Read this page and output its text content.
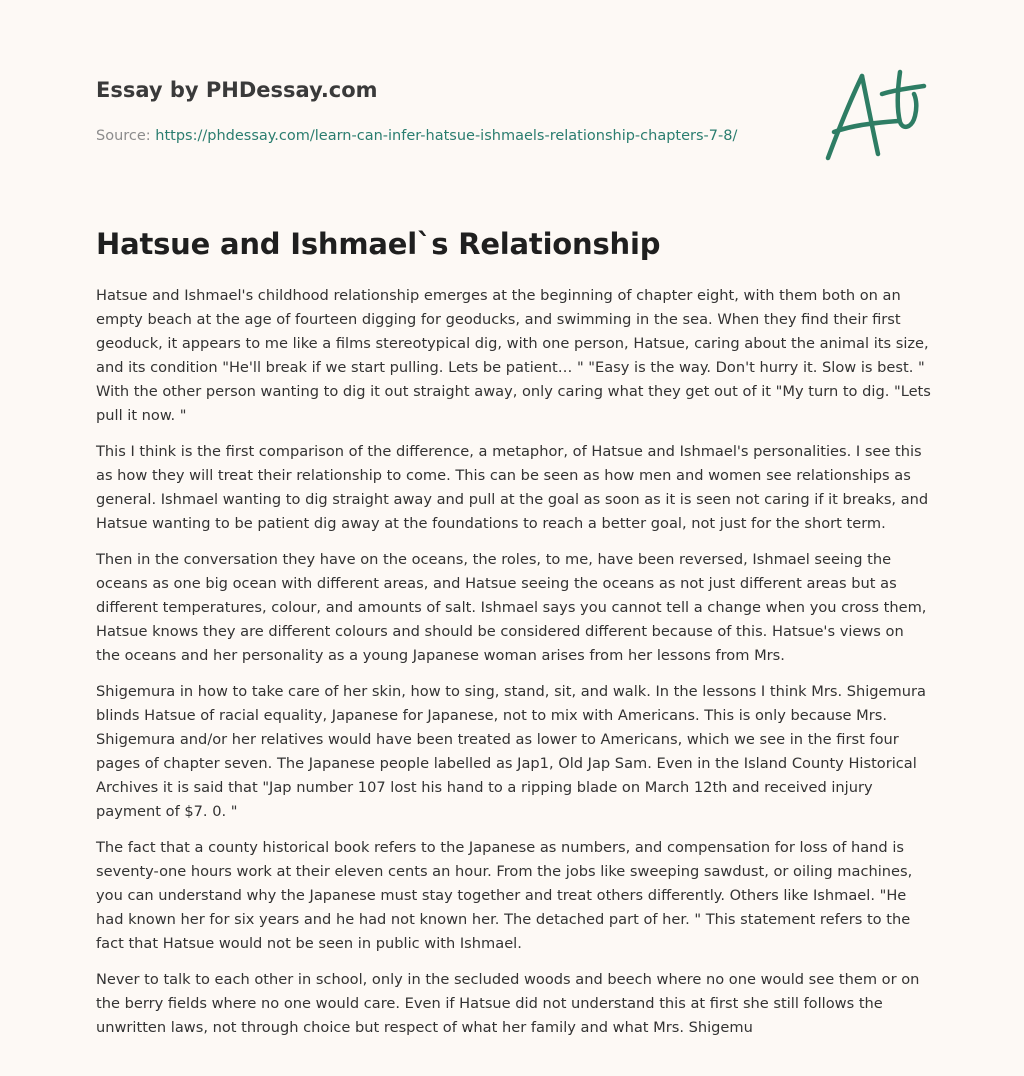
Essay by PHDessay.com
Source: https://phdessay.com/learn-can-infer-hatsue-ishmaels-relationship-chapters-7-8/
Hatsue and Ishmael`s Relationship

Hatsue and Ishmael's childhood relationship emerges at the beginning of chapter eight, with them both on an empty beach at the age of fourteen digging for geoducks, and swimming in the sea. When they find their first geoduck, it appears to me like a films stereotypical dig, with one person, Hatsue, caring about the animal its size, and its condition "He'll break if we start pulling. Lets be patient… " "Easy is the way. Don't hurry it. Slow is best. " With the other person wanting to dig it out straight away, only caring what they get out of it "My turn to dig. "Lets pull it now. "

This I think is the first comparison of the difference, a metaphor, of Hatsue and Ishmael's personalities. I see this as how they will treat their relationship to come. This can be seen as how men and women see relationships as general. Ishmael wanting to dig straight away and pull at the goal as soon as it is seen not caring if it breaks, and Hatsue wanting to be patient dig away at the foundations to reach a better goal, not just for the short term.

Then in the conversation they have on the oceans, the roles, to me, have been reversed, Ishmael seeing the oceans as one big ocean with different areas, and Hatsue seeing the oceans as not just different areas but as different temperatures, colour, and amounts of salt. Ishmael says you cannot tell a change when you cross them, Hatsue knows they are different colours and should be considered different because of this. Hatsue's views on the oceans and her personality as a young Japanese woman arises from her lessons from Mrs.

Shigemura in how to take care of her skin, how to sing, stand, sit, and walk. In the lessons I think Mrs. Shigemura blinds Hatsue of racial equality, Japanese for Japanese, not to mix with Americans. This is only because Mrs. Shigemura and/or her relatives would have been treated as lower to Americans, which we see in the first four pages of chapter seven. The Japanese people labelled as Jap1, Old Jap Sam. Even in the Island County Historical Archives it is said that "Jap number 107 lost his hand to a ripping blade on March 12th and received injury payment of $7. 0. "

The fact that a county historical book refers to the Japanese as numbers, and compensation for loss of hand is seventy-one hours work at their eleven cents an hour. From the jobs like sweeping sawdust, or oiling machines, you can understand why the Japanese must stay together and treat others differently. Others like Ishmael. "He had known her for six years and he had not known her. The detached part of her. " This statement refers to the fact that Hatsue would not be seen in public with Ishmael.

Never to talk to each other in school, only in the secluded woods and beech where no one would see them or on the berry fields where no one would care. Even if Hatsue did not understand this at first she still follows the unwritten laws, not through choice but respect of what her family and what Mrs. Shigemu
